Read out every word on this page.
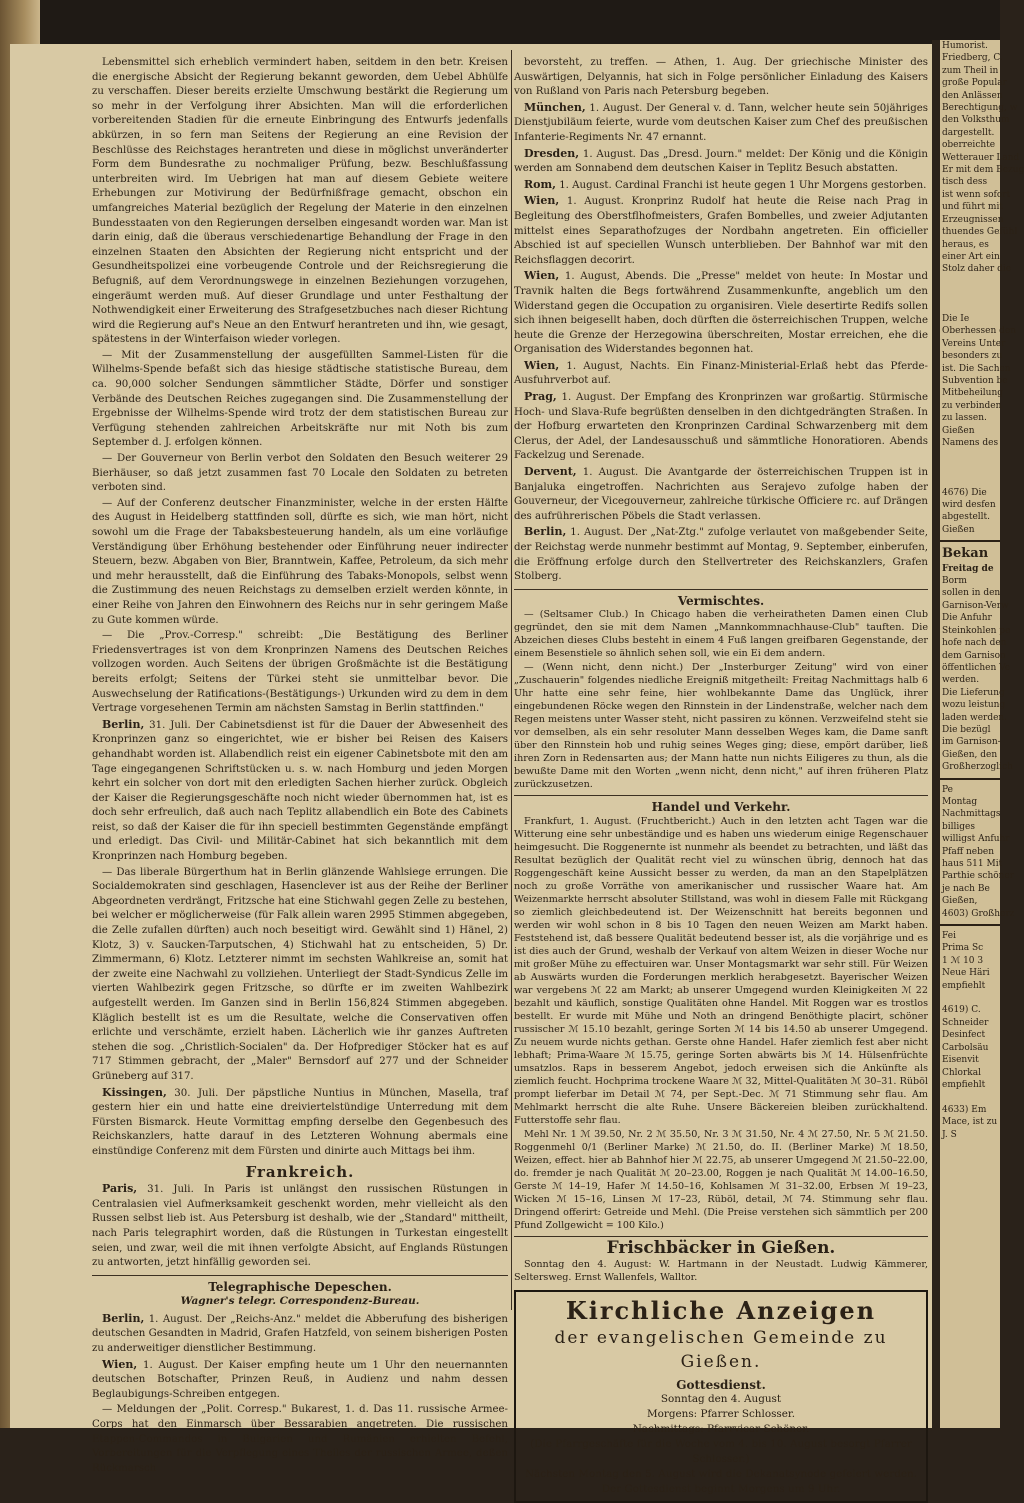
Lebensmittel sich erheblich vermindert haben, seitdem in den betr. Kreisen die energische Absicht der Regierung bekannt geworden, dem Uebel Abhülfe zu verschaffen. Dieser bereits erzielte Umschwung bestärkt die Regierung um so mehr in der Verfolgung ihrer Absichten. Man will die erforderlichen vorbereitenden Stadien für die erneute Einbringung des Entwurfs jedenfalls abkürzen, in so fern man Seitens der Regierung an eine Revision der Beschlüsse des Reichstages herantreten und diese in möglichst unveränderter Form dem Bundesrathe zu nochmaliger Prüfung, bezw. Beschlußfassung unterbreiten wird. Im Uebrigen hat man auf diesem Gebiete weitere Erhebungen zur Motivirung der Bedürfnißfrage gemacht, obschon ein umfangreiches Material bezüglich der Regelung der Materie in den einzelnen Bundesstaaten von den Regierungen derselben eingesandt worden war. Man ist darin einig, daß die überaus verschiedenartige Behandlung der Frage in den einzelnen Staaten den Absichten der Regierung nicht entspricht und der Gesundheitspolizei eine vorbeugende Controle und der Reichsregierung die Befugniß, auf dem Verordnungswege in einzelnen Beziehungen vorzugehen, eingeräumt werden muß. Auf dieser Grundlage und unter Festhaltung der Nothwendigkeit einer Erweiterung des Strafgesetzbuches nach dieser Richtung wird die Regierung auf's Neue an den Entwurf herantreten und ihn, wie gesagt, spätestens in der Winterfaison wieder vorlegen.

— Mit der Zusammenstellung der ausgefüllten Sammel-Listen für die Wilhelms-Spende befaßt sich das hiesige städtische statistische Bureau, dem ca. 90,000 solcher Sendungen sämmtlicher Städte, Dörfer und sonstiger Verbände des Deutschen Reiches zugegangen sind. Die Zusammenstellung der Ergebnisse der Wilhelms-Spende wird trotz der dem statistischen Bureau zur Verfügung stehenden zahlreichen Arbeitskräfte nur mit Noth bis zum September d. J. erfolgen können.

— Der Gouverneur von Berlin verbot den Soldaten den Besuch weiterer 29 Bierhäuser, so daß jetzt zusammen fast 70 Locale den Soldaten zu betreten verboten sind.

— Auf der Conferenz deutscher Finanzminister, welche in der ersten Hälfte des August in Heidelberg stattfinden soll, dürfte es sich, wie man hört, nicht sowohl um die Frage der Tabaksbesteuerung handeln, als um eine vorläufige Verständigung über Erhöhung bestehender oder Einführung neuer indirecter Steuern, bezw. Abgaben von Bier, Branntwein, Kaffee, Petroleum, da sich mehr und mehr herausstellt, daß die Einführung des Tabaks-Monopols, selbst wenn die Zustimmung des neuen Reichstags zu demselben erzielt werden könnte, in einer Reihe von Jahren den Einwohnern des Reichs nur in sehr geringem Maße zu Gute kommen würde.

— Die „Prov.-Corresp." schreibt: „Die Bestätigung des Berliner Friedensvertrages ist von dem Kronprinzen Namens des Deutschen Reiches vollzogen worden. Auch Seitens der übrigen Großmächte ist die Bestätigung bereits erfolgt; Seitens der Türkei steht sie unmittelbar bevor. Die Auswechselung der Ratifications-(Bestätigungs-) Urkunden wird zu dem in dem Vertrage vorgesehenen Termin am nächsten Samstag in Berlin stattfinden."

Berlin, 31. Juli. Der Cabinetsdienst ist für die Dauer der Abwesenheit des Kronprinzen ganz so eingerichtet, wie er bisher bei Reisen des Kaisers gehandhabt worden ist. Allabendlich reist ein eigener Cabinetsbote mit den am Tage eingegangenen Schriftstücken u. s. w. nach Homburg und jeden Morgen kehrt ein solcher von dort mit den erledigten Sachen hierher zurück. Obgleich der Kaiser die Regierungsgeschäfte noch nicht wieder übernommen hat, ist es doch sehr erfreulich, daß auch nach Teplitz allabendlich ein Bote des Cabinets reist, so daß der Kaiser die für ihn speciell bestimmten Gegenstände empfängt und erledigt. Das Civil- und Militär-Cabinet hat sich bekanntlich mit dem Kronprinzen nach Homburg begeben.

— Das liberale Bürgerthum hat in Berlin glänzende Wahlsiege errungen. Die Socialdemokraten sind geschlagen, Hasenclever ist aus der Reihe der Berliner Abgeordneten verdrängt, Fritzsche hat eine Stichwahl gegen Zelle zu bestehen, bei welcher er möglicherweise (für Falk allein waren 2995 Stimmen abgegeben, die Zelle zufallen dürften) auch noch beseitigt wird. Gewählt sind 1) Hänel, 2) Klotz, 3) v. Saucken-Tarputschen, 4) Stichwahl hat zu entscheiden, 5) Dr. Zimmermann, 6) Klotz. Letzterer nimmt im sechsten Wahlkreise an, somit hat der zweite eine Nachwahl zu vollziehen. Unterliegt der Stadt-Syndicus Zelle im vierten Wahlbezirk gegen Fritzsche, so dürfte er im zweiten Wahlbezirk aufgestellt werden. Im Ganzen sind in Berlin 156,824 Stimmen abgegeben. Kläglich bestellt ist es um die Resultate, welche die Conservativen offen erlichte und verschämte, erzielt haben. Lächerlich wie ihr ganzes Auftreten stehen die sog. „Christlich-Socialen" da. Der Hofprediger Stöcker hat es auf 717 Stimmen gebracht, der „Maler" Bernsdorf auf 277 und der Schneider Grüneberg auf 317.

Kissingen, 30. Juli. Der päpstliche Nuntius in München, Masella, traf gestern hier ein und hatte eine dreiviertelstündige Unterredung mit dem Fürsten Bismarck. Heute Vormittag empfing derselbe den Gegenbesuch des Reichskanzlers, hatte darauf in des Letzteren Wohnung abermals eine einstündige Conferenz mit dem Fürsten und dinirte auch Mittags bei ihm.

Frankreich.

Paris, 31. Juli. In Paris ist unlängst den russischen Rüstungen in Centralasien viel Aufmerksamkeit geschenkt worden, mehr vielleicht als den Russen selbst lieb ist. Aus Petersburg ist deshalb, wie der „Standard" mittheilt, nach Paris telegraphirt worden, daß die Rüstungen in Turkestan eingestellt seien, und zwar, weil die mit ihnen verfolgte Absicht, auf Englands Rüstungen zu antworten, jetzt hinfällig geworden sei.

Telegraphische Depeschen.
Wagner's telegr. Correspondenz-Bureau.

Berlin, 1. August. Der „Reichs-Anz." meldet die Abberufung des bisherigen deutschen Gesandten in Madrid, Grafen Hatzfeld, von seinem bisherigen Posten zu anderweitiger dienstlicher Bestimmung.

Wien, 1. August. Der Kaiser empfing heute um 1 Uhr den neuernannten deutschen Botschafter, Prinzen Reuß, in Audienz und nahm dessen Beglaubigungs-Schreiben entgegen.

— Meldungen der „Polit. Corresp." Bukarest, 1. d. Das 11. russische Armee-Corps hat den Einmarsch über Bessarabien angetreten. Die russischen Etappen-Commandos in Bulgarien und Rumänien erhielten Befehl, Vorbereitungen für die Verpflegung eines Theiles der russischen Armee, deßen Rückmarsch

bevorsteht, zu treffen. — Athen, 1. Aug. Der griechische Minister des Auswärtigen, Delyannis, hat sich in Folge persönlicher Einladung des Kaisers von Rußland von Paris nach Petersburg begeben.

München, 1. August. Der General v. d. Tann, welcher heute sein 50jähriges Dienstjubiläum feierte, wurde vom deutschen Kaiser zum Chef des preußischen Infanterie-Regiments Nr. 47 ernannt.

Dresden, 1. August. Das „Dresd. Journ." meldet: Der König und die Königin werden am Sonnabend dem deutschen Kaiser in Teplitz Besuch abstatten.

Rom, 1. August. Cardinal Franchi ist heute gegen 1 Uhr Morgens gestorben.

Wien, 1. August. Kronprinz Rudolf hat heute die Reise nach Prag in Begleitung des Oberstflhofmeisters, Grafen Bombelles, und zweier Adjutanten mittelst eines Separathofzuges der Nordbahn angetreten. Ein officieller Abschied ist auf speciellen Wunsch unterblieben. Der Bahnhof war mit den Reichsflaggen decorirt.

Wien, 1. August, Abends. Die „Presse" meldet von heute: In Mostar und Travnik halten die Begs fortwährend Zusammenkunfte, angeblich um den Widerstand gegen die Occupation zu organisiren. Viele desertirte Redifs sollen sich ihnen beigesellt haben, doch dürften die österreichischen Truppen, welche heute die Grenze der Herzegowina überschreiten, Mostar erreichen, ehe die Organisation des Widerstandes begonnen hat.

Wien, 1. August, Nachts. Ein Finanz-Ministerial-Erlaß hebt das Pferde-Ausfuhrverbot auf.

Prag, 1. August. Der Empfang des Kronprinzen war großartig. Stürmische Hoch- und Slava-Rufe begrüßten denselben in den dichtgedrängten Straßen. In der Hofburg erwarteten den Kronprinzen Cardinal Schwarzenberg mit dem Clerus, der Adel, der Landesausschuß und sämmtliche Honoratioren. Abends Fackelzug und Serenade.

Dervent, 1. August. Die Avantgarde der österreichischen Truppen ist in Banjaluka eingetroffen. Nachrichten aus Serajevo zufolge haben der Gouverneur, der Vicegouverneur, zahlreiche türkische Officiere rc. auf Drängen des aufrührerischen Pöbels die Stadt verlassen.

Berlin, 1. August. Der „Nat-Ztg." zufolge verlautet von maßgebender Seite, der Reichstag werde nunmehr bestimmt auf Montag, 9. September, einberufen, die Eröffnung erfolge durch den Stellvertreter des Reichskanzlers, Grafen Stolberg.

Vermischtes.

— (Seltsamer Club.) In Chicago haben die verheiratheten Damen einen Club gegründet, den sie mit dem Namen „Mannkommnachhause-Club" tauften. Die Abzeichen dieses Clubs besteht in einem 4 Fuß langen greifbaren Gegenstande, der einem Besenstiele so ähnlich sehen soll, wie ein Ei dem andern.

— (Wenn nicht, denn nicht.) Der „Insterburger Zeitung" wird von einer „Zuschauerin" folgendes niedliche Ereigniß mitgetheilt: Freitag Nachmittags halb 6 Uhr hatte eine sehr feine, hier wohlbekannte Dame das Unglück, ihrer eingebundenen Röcke wegen den Rinnstein in der Lindenstraße, welcher nach dem Regen meistens unter Wasser steht, nicht passiren zu können. Verzweifelnd steht sie vor demselben, als ein sehr resoluter Mann desselben Weges kam, die Dame sanft über den Rinnstein hob und ruhig seines Weges ging; diese, empört darüber, ließ ihren Zorn in Redensarten aus; der Mann hatte nun nichts Eiligeres zu thun, als die bewußte Dame mit den Worten „wenn nicht, denn nicht," auf ihren früheren Platz zurückzusetzen.

Handel und Verkehr.

Frankfurt, 1. August. (Fruchtbericht.) Auch in den letzten acht Tagen war die Witterung eine sehr unbeständige und es haben uns wiederum einige Regenschauer heimgesucht. Die Roggenernte ist nunmehr als beendet zu betrachten, und läßt das Resultat bezüglich der Qualität recht viel zu wünschen übrig, dennoch hat das Roggengeschäft keine Aussicht besser zu werden, da man an den Stapelplätzen noch zu große Vorräthe von amerikanischer und russischer Waare hat. Am Weizenmarkte herrscht absoluter Stillstand, was wohl in diesem Falle mit Rückgang so ziemlich gleichbedeutend ist. Der Weizenschnitt hat bereits begonnen und werden wir wohl schon in 8 bis 10 Tagen den neuen Weizen am Markt haben. Feststehend ist, daß bessere Qualität bedeutend besser ist, als die vorjährige und es ist dies auch der Grund, weshalb der Verkauf von altem Weizen in dieser Woche nur mit großer Mühe zu effectuiren war. Unser Montagsmarkt war sehr still. Für Weizen ab Auswärts wurden die Forderungen merklich herabgesetzt. Bayerischer Weizen war vergebens ℳ 22 am Markt; ab unserer Umgegend wurden Kleinigkeiten ℳ 22 bezahlt und käuflich, sonstige Qualitäten ohne Handel. Mit Roggen war es trostlos bestellt. Er wurde mit Mühe und Noth an dringend Benöthigte placirt, schöner russischer ℳ 15.10 bezahlt, geringe Sorten ℳ 14 bis 14.50 ab unserer Umgegend. Zu neuem wurde nichts gethan. Gerste ohne Handel. Hafer ziemlich fest aber nicht lebhaft; Prima-Waare ℳ 15.75, geringe Sorten abwärts bis ℳ 14. Hülsenfrüchte umsatzlos. Raps in besserem Angebot, jedoch erweisen sich die Ankünfte als ziemlich feucht. Hochprima trockene Waare ℳ 32, Mittel-Qualitäten ℳ 30–31. Rüböl prompt lieferbar im Detail ℳ 74, per Sept.-Dec. ℳ 71 Stimmung sehr flau. Am Mehlmarkt herrscht die alte Ruhe. Unsere Bäckereien bleiben zurückhaltend. Futterstoffe sehr flau.

Mehl Nr. 1 ℳ 39.50, Nr. 2 ℳ 35.50, Nr. 3 ℳ 31.50, Nr. 4 ℳ 27.50, Nr. 5 ℳ 21.50. Roggenmehl 0/1 (Berliner Marke) ℳ 21.50, do. II. (Berliner Marke) ℳ 18.50, Weizen, effect. hier ab Bahnhof hier ℳ 22.75, ab unserer Umgegend ℳ 21.50–22.00, do. fremder je nach Qualität ℳ 20–23.00, Roggen je nach Qualität ℳ 14.00–16.50, Gerste ℳ 14–19, Hafer ℳ 14.50–16, Kohlsamen ℳ 31–32.00, Erbsen ℳ 19–23, Wicken ℳ 15–16, Linsen ℳ 17–23, Rüböl, detail, ℳ 74. Stimmung sehr flau. Dringend offerirt: Getreide und Mehl. (Die Preise verstehen sich sämmtlich per 200 Pfund Zollgewicht = 100 Kilo.)

Frischbäcker in Gießen.

Sonntag den 4. August: W. Hartmann in der Neustadt. Ludwig Kämmerer, Seltersweg. Ernst Wallenfels, Walltor.

Kirchliche Anzeigen
der evangelischen Gemeinde zu Gießen.
Gottesdienst.
Sonntag den 4. August
Morgens: Pfarrer Schlosser.
Nachmittags: Pfarrvicar Schöner.
(Die Pfarrgeschäfte für die Woche vom 4. bis 10. August besorgt Pfarrer Schlosser.)
Nächsten Montag den 5. August wird die Dekanatsynode gefeiert werden.
Der Gottesdienst beginnt Morgens um 9 Uhr.
Humorist.
Friedberg, C.
zum Theil in
große Popular
den Anlässen
Berechtigung, w
den Volksthum
dargestellt.
oberreichte
Wetterauer Land
Er mit dem Bezug
tisch dess
ist wenn sofort
und führt mit
Erzeugnissen
thuendes Gefühl
heraus, es
einer Art ein
Stolz daher die

Die Ie
Oberhessen den
Vereins Unter
besonders zu
ist. Die Sachen
Subvention be
Mitbeheilung
zu verbinden
zu lassen.
Gießen
Namens des

4676) Die
wird desfen
abgestellt.
Gießen
Bekan
Freitag de
Borm
sollen in den
Garnison-Verw
Die Anfuhr
Steinkohlen pe
hofe nach den
dem Garnison
öffentlichen Ve
werden.
Die Lieferung
wozu leistung
laden werden.
Die bezügl
im Garnison-
Gießen, den
Großherzoglich
Pe
Montag
Nachmittags
billiges
willigst Anfuhr
Pfaff neben
haus 511 Mit
Parthie schöner
je nach Be
Gießen,
4603) Großherz
Fei
Prima Sc
1 ℳ 10 3
Neue Häri
empfiehlt

4619) C.
Schneider
Desinfect
Carbolsäu
Eisenvit
Chlorkal
empfiehlt

4633) Em
Mace, ist zu
J. S
